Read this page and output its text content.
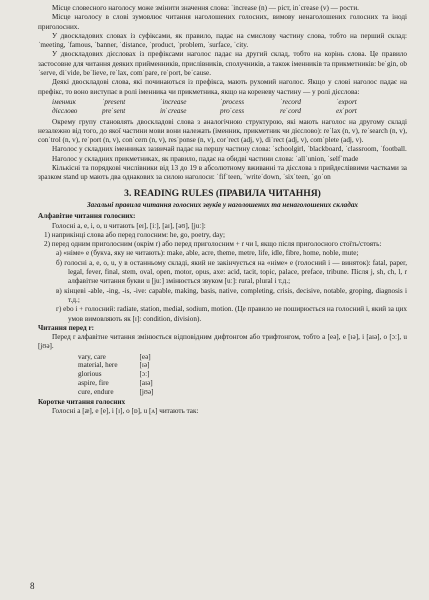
Місце словесного наголосу може змінити значення слова: ˈincrease (n) — ріст, inˈcrease (v) — рости.

Місце наголосу в слові зумовлює читання наголошених голосних, вимову ненаголошених голосних та іноді приголосних.

У двоскладових словах із суфіксами, як правило, падає на смислову частину слова, тобто на перший склад: ˈmeeting, ˈfamous, ˈbanner, ˈdistance, ˈproduct, ˈproblem, ˈsurface, ˈcity.

У двоскладових дієсловах із префіксами наголос падає на другий склад, тобто на корінь слова. Це правило застосовне для читання деяких прийменників, прислівників, сполучників, а також іменників та прикметників: beˈgin, obˈserve, diˈvide, beˈlieve, reˈlax, comˈpare, reˈport, beˈcause.

Деякі двоскладові слова, які починаються із префікса, мають рухомий наголос. Якщо у слові наголос падає на префікс, то воно виступає в ролі іменника чи прикметника, якщо на кореневу частину — у ролі дієслова:

іменник	ˈpresent	ˈincrease	ˈprocess	ˈrecord	ˈexport
дієслово	preˈsent	inˈcrease	proˈcess	reˈcord	exˈport

Окрему групу становлять двоскладові слова з аналогічною структурою, які мають наголос на другому складі незалежно від того, до якої частини мови вони належать (іменник, прикметник чи дієслово): reˈlax (n, v), reˈsearch (n, v), conˈtrol (n, v), reˈport (n, v), conˈcern (n, v), resˈponse (n, v), corˈrect (adj, v), diˈrect (adj, v), comˈplete (adj, v).

Наголос у складних іменниках зазвичай падає на першу частину слова: ˈschoolgirl, ˈblackboard, ˈclassroom, ˈfootball.

Наголос у складних прикметниках, як правило, падає на обидві частини слова: ˈallˈunion, ˈselfˈmade

Кількісні та порядкові числівники від 13 до 19 в абсолютному вживанні та дієслова з прийдесліввими частками за зразком stand up мають два однакових за силою наголоси: ˈfifˈteen, ˈwriteˈdown, ˈsixˈteen, ˈgoˈon

3. READING RULES (ПРАВИЛА ЧИТАННЯ)
Загальні правила читання голосних звуків у наголошених та ненаголошених складах

Алфавітне читання голосних:

Голосні a, e, i, o, u читають [eɪ], [iː], [aɪ], [əʊ], [juː]:

1) наприкінці слова або перед голосним: he, go, poetry, day;

2) перед одним приголосним (окрім r) або перед приголосним + r чи l, якщо після приголосного стоїть/стоять:

а) «німе» e (букva, яку не читають): make, able, acre, theme, metre, life, idle, fibre, home, noble, mute;

б) голосні a, e, o, u, y в останньому складі, який не закінчується на «німе» e (голосний i — виняток): fatal, paper, legal, fever, final, stem, oval, open, motor, opus, axe: acid, tacit, topic, palace, preface, tribune. Після j, sh, ch, l, r алфавітне читання букви u [juː] змінюється звуком [uː]: rural, plural і т.д.;

в) кінцевi -able, -ing, -is, -ive: capable, making, basis, native, completing, crisis, decisive, notable, groping, diagnosis і т.д.;

г) ebo i + голосний: radiate, station, medial, sodium, motion. (Це правило не поширюється на голосний i, який за цих умов вимовляють як [ɪ]: condition, division).

Читання перед r:

Перед r алфавітне читання змінюється відповідним дифтонгом або трифтонгом, тобто a [eə], e [ɪə], i [aɪə], o [ɔː], u [jʊə].

vary, care	[eə]
material, here	[ɪə]
glorious	[ɔː]
aspire, fire	[aɪə]
cure, endure	[jʊə]

Коротке читання голосних

Голосні a [æ], e [e], i [ɪ], o [ɒ], u [ʌ] читають так:

8
